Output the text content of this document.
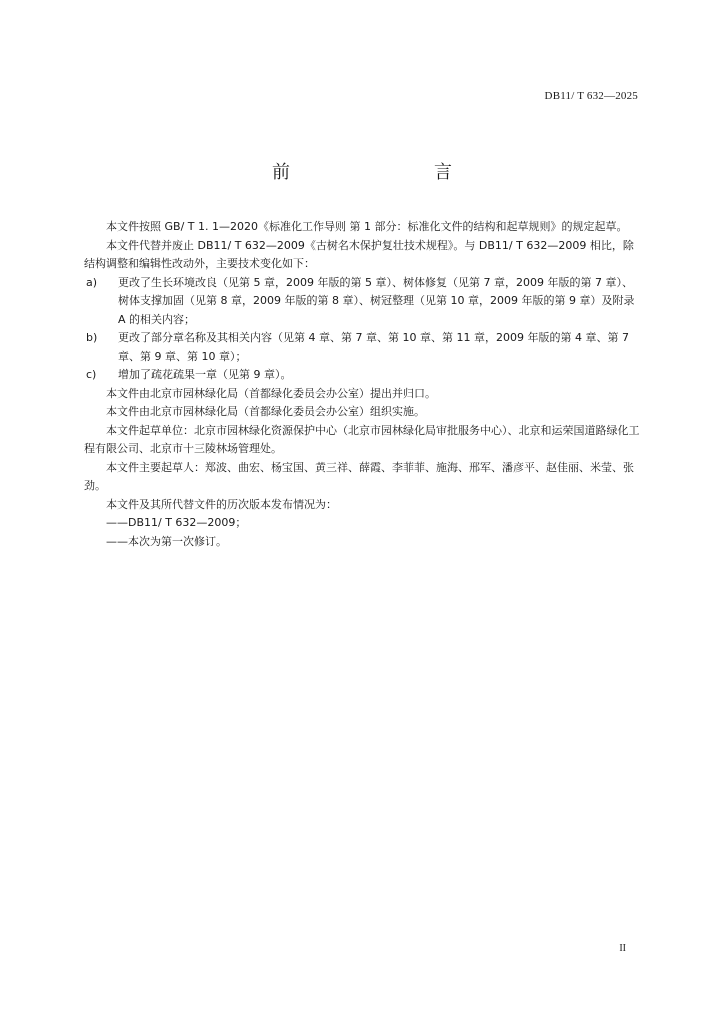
DB11/ T 632—2025
前　　言

本文件按照 GB/ T 1. 1—2020《标准化工作导则 第 1 部分：标准化文件的结构和起草规则》的规定起草。

本文件代替并废止 DB11/ T 632—2009《古树名木保护复壮技术规程》。与 DB11/ T 632—2009 相比，除结构调整和编辑性改动外，主要技术变化如下：

a)	更改了生长环境改良（见第 5 章，2009 年版的第 5 章）、树体修复（见第 7 章，2009 年版的第 7 章）、树体支撑加固（见第 8 章，2009 年版的第 8 章）、树冠整理（见第 10 章，2009 年版的第 9 章）及附录 A 的相关内容；
b)	更改了部分章名称及其相关内容（见第 4 章、第 7 章、第 10 章、第 11 章，2009 年版的第 4 章、第 7 章、第 9 章、第 10 章）；
c)	增加了疏花疏果一章（见第 9 章）。

本文件由北京市园林绿化局（首都绿化委员会办公室）提出并归口。

本文件由北京市园林绿化局（首都绿化委员会办公室）组织实施。

本文件起草单位：北京市园林绿化资源保护中心（北京市园林绿化局审批服务中心）、北京和运荣国道路绿化工程有限公司、北京市十三陵林场管理处。

本文件主要起草人：郑波、曲宏、杨宝国、黄三祥、薛霞、李菲菲、施海、邢军、潘彦平、赵佳丽、米莹、张劲。

本文件及其所代替文件的历次版本发布情况为：

——DB11/ T 632—2009；

——本次为第一次修订。

II
